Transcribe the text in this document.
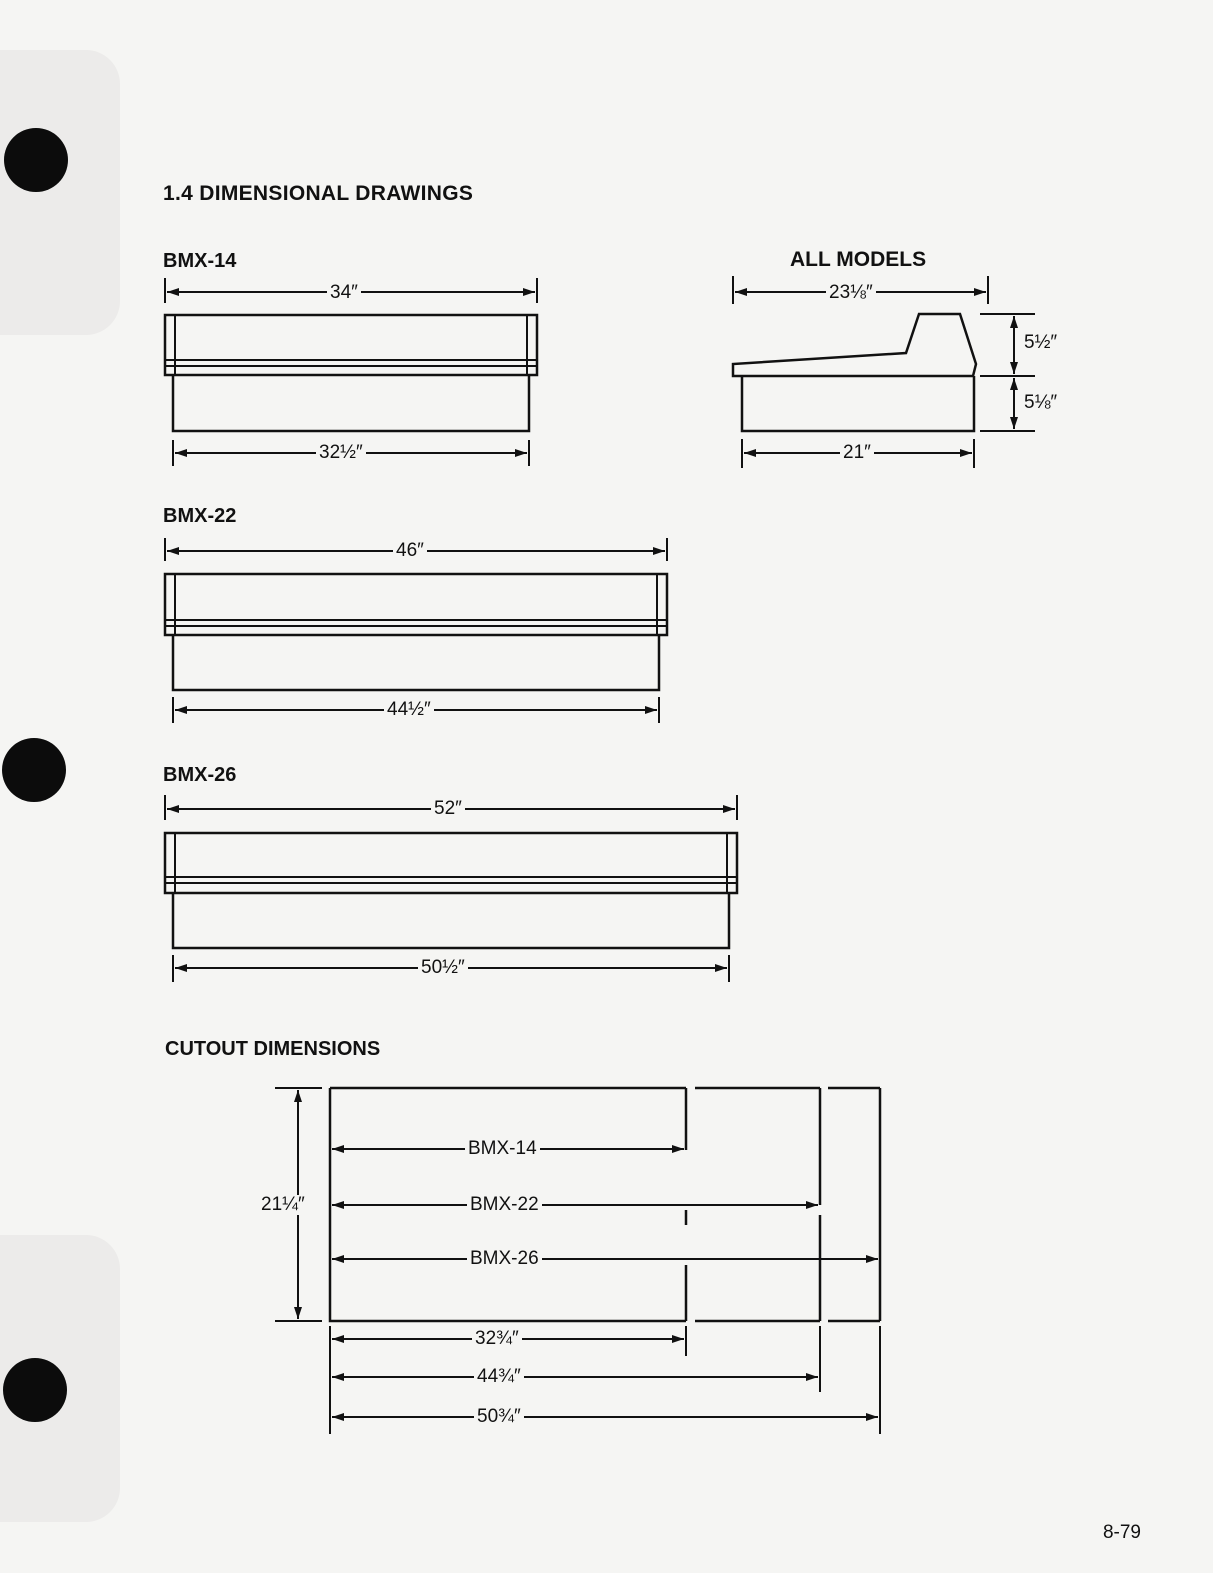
1.4 DIMENSIONAL DRAWINGS
BMX-14
34″
32½″
BMX-22
46″
44½″
BMX-26
52″
50½″
ALL MODELS
23⅛″
21″
5½″
5⅛″
CUTOUT DIMENSIONS
21¼″
BMX-14
BMX-22
BMX-26
32¾″
44¾″
50¾″
8-79
